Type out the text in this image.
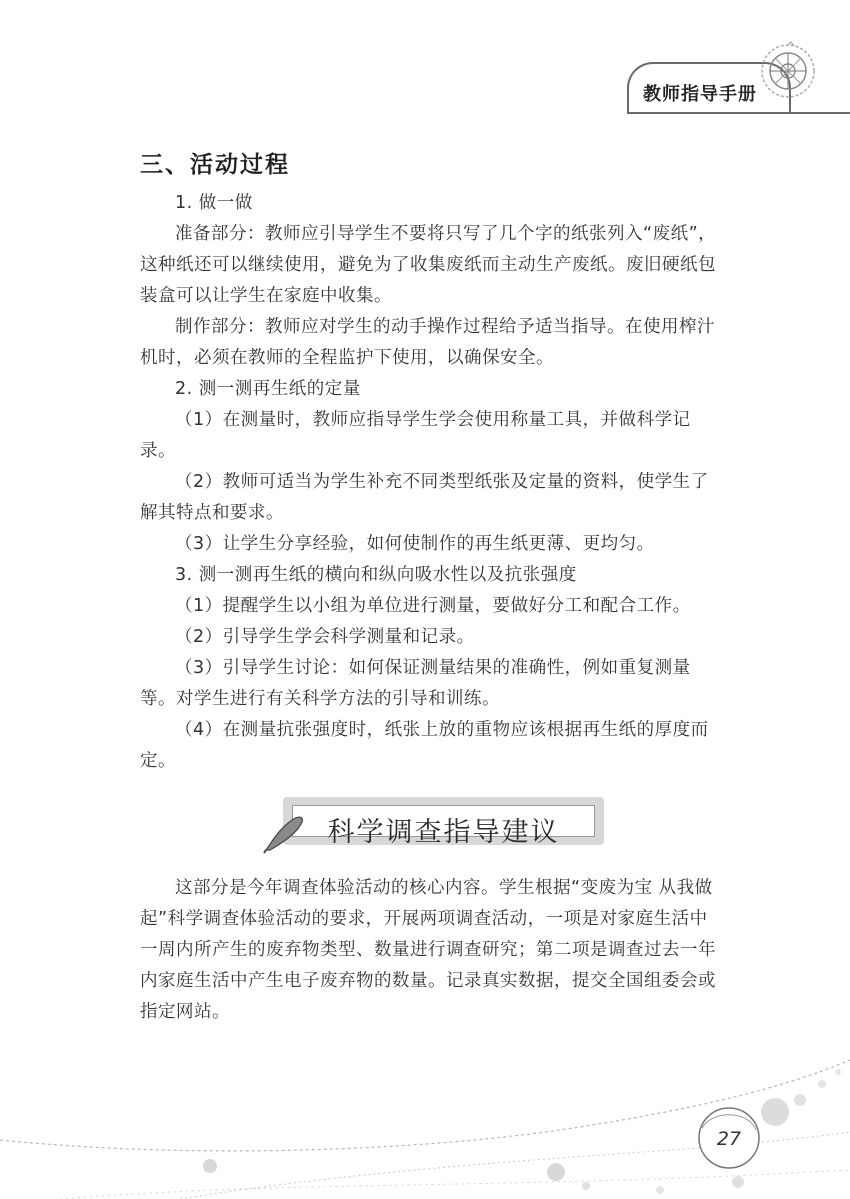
教师指导手册
三、活动过程

1. 做一做

准备部分：教师应引导学生不要将只写了几个字的纸张列入“废纸”，这种纸还可以继续使用，避免为了收集废纸而主动生产废纸。废旧硬纸包装盒可以让学生在家庭中收集。

制作部分：教师应对学生的动手操作过程给予适当指导。在使用榨汁机时，必须在教师的全程监护下使用，以确保安全。

2. 测一测再生纸的定量

（1）在测量时，教师应指导学生学会使用称量工具，并做科学记录。

（2）教师可适当为学生补充不同类型纸张及定量的资料，使学生了解其特点和要求。

（3）让学生分享经验，如何使制作的再生纸更薄、更均匀。

3. 测一测再生纸的横向和纵向吸水性以及抗张强度

（1）提醒学生以小组为单位进行测量，要做好分工和配合工作。

（2）引导学生学会科学测量和记录。

（3）引导学生讨论：如何保证测量结果的准确性，例如重复测量等。对学生进行有关科学方法的引导和训练。

（4）在测量抗张强度时，纸张上放的重物应该根据再生纸的厚度而定。

科学调查指导建议

这部分是今年调查体验活动的核心内容。学生根据“变废为宝 从我做起”科学调查体验活动的要求，开展两项调查活动，一项是对家庭生活中一周内所产生的废弃物类型、数量进行调查研究；第二项是调查过去一年内家庭生活中产生电子废弃物的数量。记录真实数据，提交全国组委会或指定网站。

27
